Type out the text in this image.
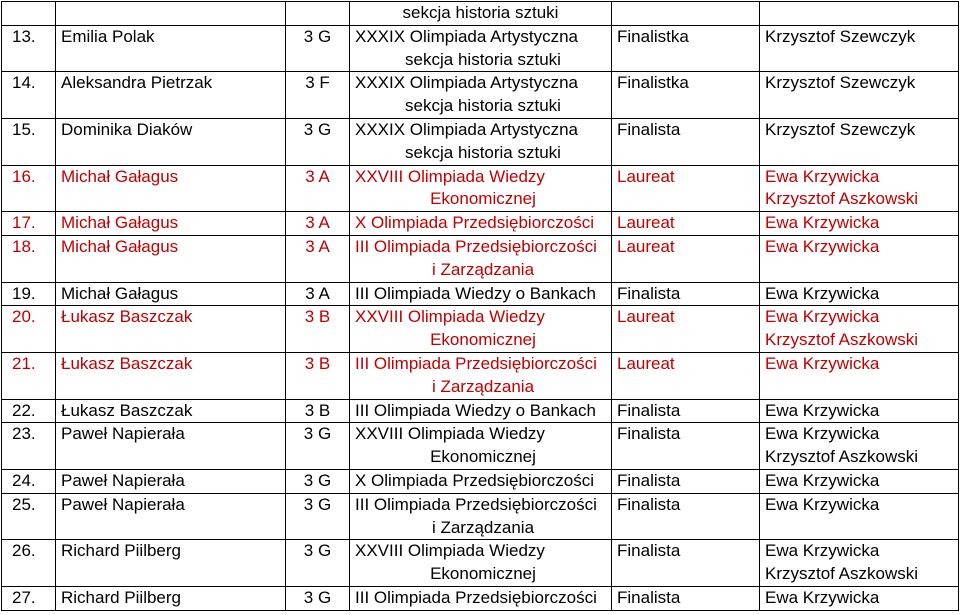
			sekcja historia sztuki		

13.	Emilia Polak	3 G	XXXIX Olimpiada Artystyczna
sekcja historia sztuki	Finalistka	Krzysztof Szewczyk

14.	Aleksandra Pietrzak	3 F	XXXIX Olimpiada Artystyczna
sekcja historia sztuki	Finalistka	Krzysztof Szewczyk

15.	Dominika Diaków	3 G	XXXIX Olimpiada Artystyczna
sekcja historia sztuki	Finalista	Krzysztof Szewczyk

16.	Michał Gałagus	3 A	XXVIII Olimpiada Wiedzy
Ekonomicznej	Laureat	Ewa Krzywicka
Krzysztof Aszkowski

17.	Michał Gałagus	3 A	X Olimpiada Przedsiębiorczości	Laureat	Ewa Krzywicka

18.	Michał Gałagus	3 A	III Olimpiada Przedsiębiorczości
i Zarządzania	Laureat	Ewa Krzywicka

19.	Michał Gałagus	3 A	III Olimpiada Wiedzy o Bankach	Finalista	Ewa Krzywicka

20.	Łukasz Baszczak	3 B	XXVIII Olimpiada Wiedzy
Ekonomicznej	Laureat	Ewa Krzywicka
Krzysztof Aszkowski

21.	Łukasz Baszczak	3 B	III Olimpiada Przedsiębiorczości
i Zarządzania	Laureat	Ewa Krzywicka

22.	Łukasz Baszczak	3 B	III Olimpiada Wiedzy o Bankach	Finalista	Ewa Krzywicka

23.	Paweł Napierała	3 G	XXVIII Olimpiada Wiedzy
Ekonomicznej	Finalista	Ewa Krzywicka
Krzysztof Aszkowski

24.	Paweł Napierała	3 G	X Olimpiada Przedsiębiorczości	Finalista	Ewa Krzywicka

25.	Paweł Napierała	3 G	III Olimpiada Przedsiębiorczości
i Zarządzania	Finalista	Ewa Krzywicka

26.	Richard Piilberg	3 G	XXVIII Olimpiada Wiedzy
Ekonomicznej	Finalista	Ewa Krzywicka
Krzysztof Aszkowski

27.	Richard Piilberg	3 G	III Olimpiada Przedsiębiorczości	Finalista	Ewa Krzywicka
